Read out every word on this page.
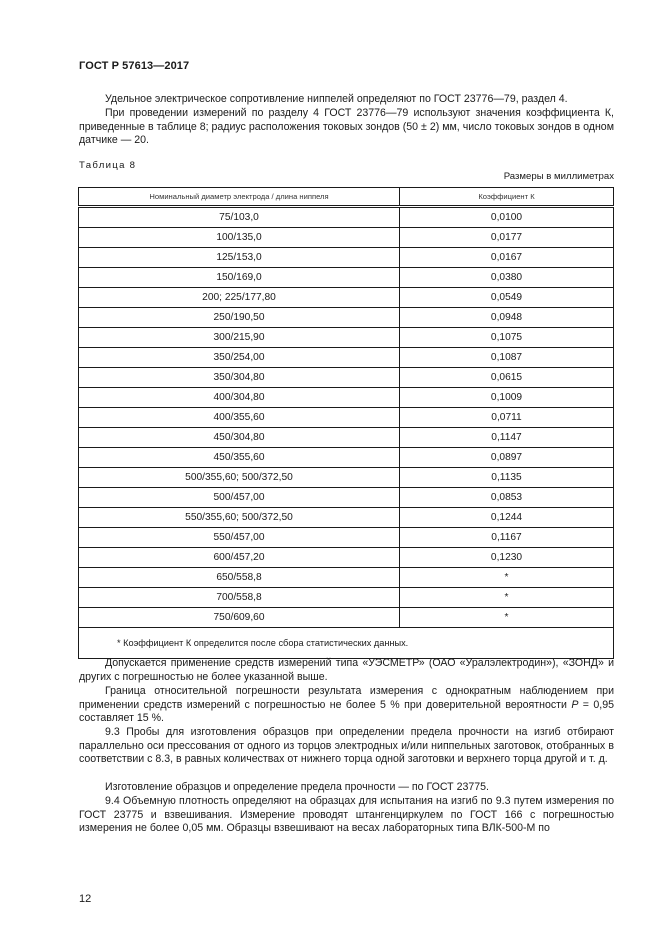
ГОСТ Р 57613—2017
Удельное электрическое сопротивление ниппелей определяют по ГОСТ 23776—79, раздел 4.
При проведении измерений по разделу 4 ГОСТ 23776—79 используют значения коэффициента К, приведенные в таблице 8; радиус расположения токовых зондов (50 ± 2) мм, число токовых зондов в одном датчике — 20.
Таблица 8
Размеры в миллиметрах
Номинальный диаметр электрода / длина ниппеля	Коэффициент К
75/103,0	0,0100
100/135,0	0,0177
125/153,0	0,0167
150/169,0	0,0380
200; 225/177,80	0,0549
250/190,50	0,0948
300/215,90	0,1075
350/254,00	0,1087
350/304,80	0,0615
400/304,80	0,1009
400/355,60	0,0711
450/304,80	0,1147
450/355,60	0,0897
500/355,60; 500/372,50	0,1135
500/457,00	0,0853
550/355,60; 500/372,50	0,1244
550/457,00	0,1167
600/457,20	0,1230
650/558,8	*
700/558,8	*
750/609,60	*
* Коэффициент К определится после сбора статистических данных.	
Допускается применение средств измерений типа «УЭСМЕТР» (ОАО «Уралэлектродин»), «ЗОНД» и других с погрешностью не более указанной выше.
Граница относительной погрешности результата измерения с однократным наблюдением при применении средств измерений с погрешностью не более 5 % при доверительной вероятности P = 0,95 составляет 15 %.
9.3 Пробы для изготовления образцов при определении предела прочности на изгиб отбирают параллельно оси прессования от одного из торцов электродных и/или ниппельных заготовок, отобранных в соответствии с 8.3, в равных количествах от нижнего торца одной заготовки и верхнего торца другой и т. д.
Изготовление образцов и определение предела прочности — по ГОСТ 23775.
9.4 Объемную плотность определяют на образцах для испытания на изгиб по 9.3 путем измерения по ГОСТ 23775 и взвешивания. Измерение проводят штангенциркулем по ГОСТ 166 с погрешностью измерения не более 0,05 мм. Образцы взвешивают на весах лабораторных типа ВЛК-500-М по
12
